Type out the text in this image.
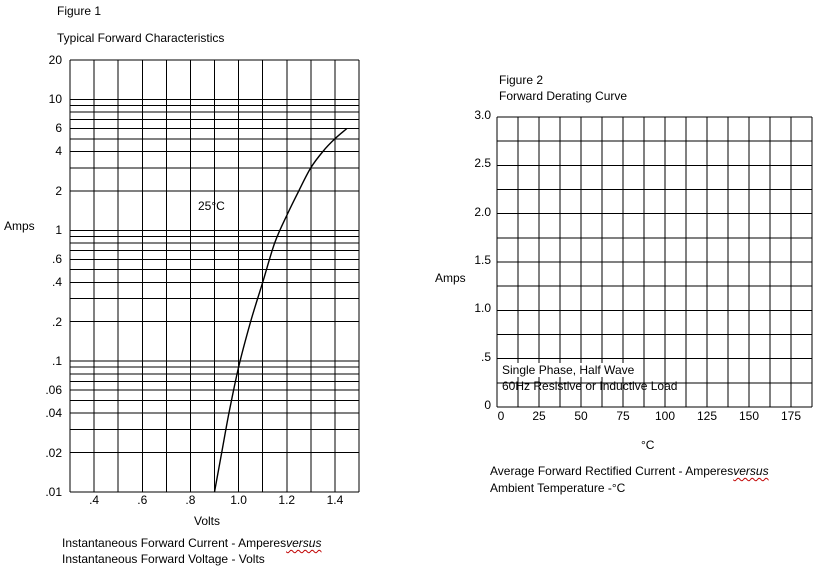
Figure 1
Typical Forward Characteristics
Amps
Volts
25°C
20
10
6
4
2
1
.6
.4
.2
.1
.06
.04
.02
.01
.4	.6	.8	1.0	1.2	1.4
Instantaneous Forward Current - Amperesversus
Instantaneous Forward Voltage - Volts
Figure 2
Forward Derating Curve
Amps
°C
Single Phase, Half Wave
60Hz Resistive or Inductive Load
0
.5
1.0
1.5
2.0
2.5
3.0
0	25	50	75	100	125	150	175
Average Forward Rectified Current - Amperesversus
Ambient Temperature -°C
